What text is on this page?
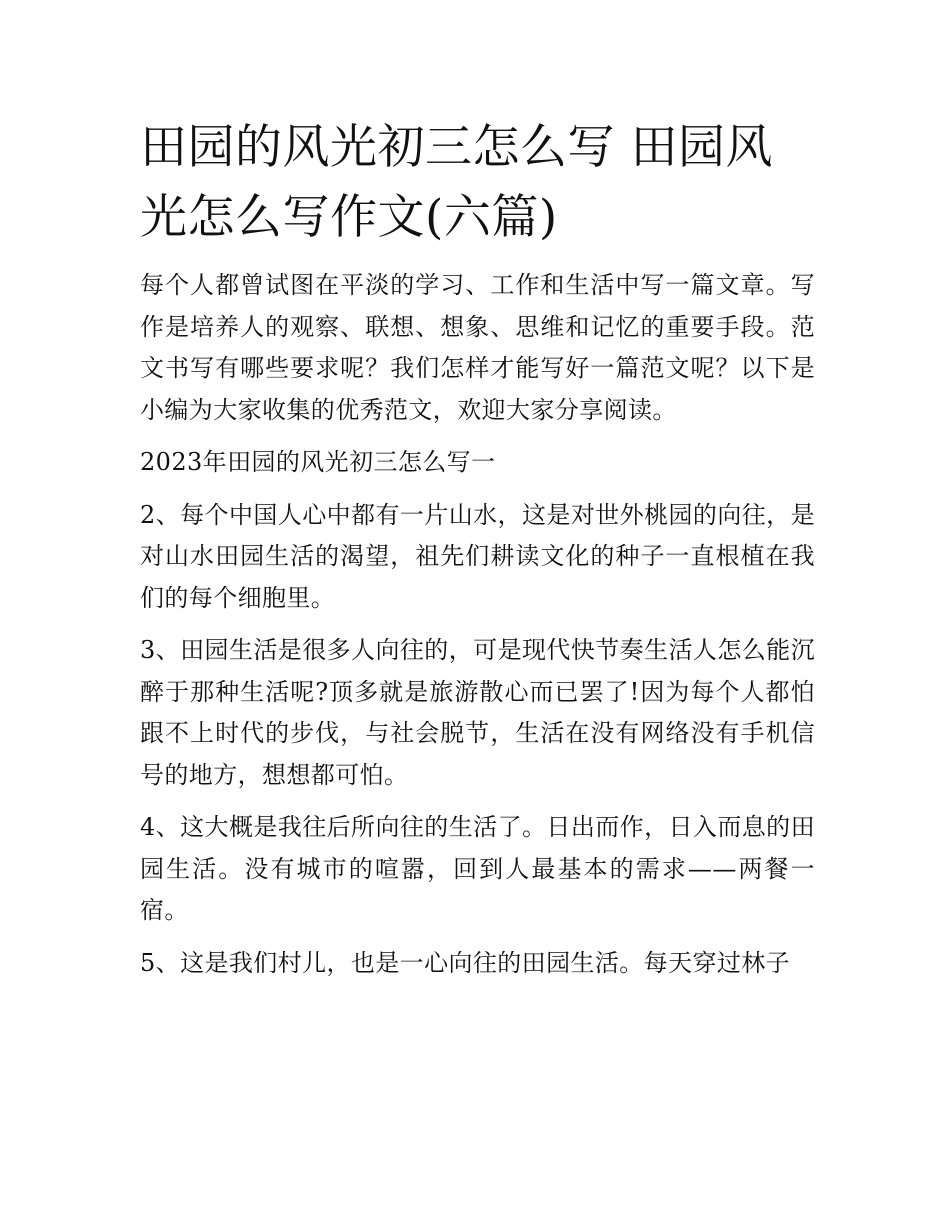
田园的风光初三怎么写 田园风光怎么写作文(六篇)

每个人都曾试图在平淡的学习、工作和生活中写一篇文章。写作是培养人的观察、联想、想象、思维和记忆的重要手段。范文书写有哪些要求呢？我们怎样才能写好一篇范文呢？以下是小编为大家收集的优秀范文，欢迎大家分享阅读。

2023年田园的风光初三怎么写一

2、每个中国人心中都有一片山水，这是对世外桃园的向往，是对山水田园生活的渴望，祖先们耕读文化的种子一直根植在我们的每个细胞里。

3、田园生活是很多人向往的，可是现代快节奏生活人怎么能沉醉于那种生活呢?顶多就是旅游散心而已罢了!因为每个人都怕跟不上时代的步伐，与社会脱节，生活在没有网络没有手机信号的地方，想想都可怕。

4、这大概是我往后所向往的生活了。日出而作，日入而息的田园生活。没有城市的喧嚣，回到人最基本的需求——两餐一宿。

5、这是我们村儿，也是一心向往的田园生活。每天穿过林子
